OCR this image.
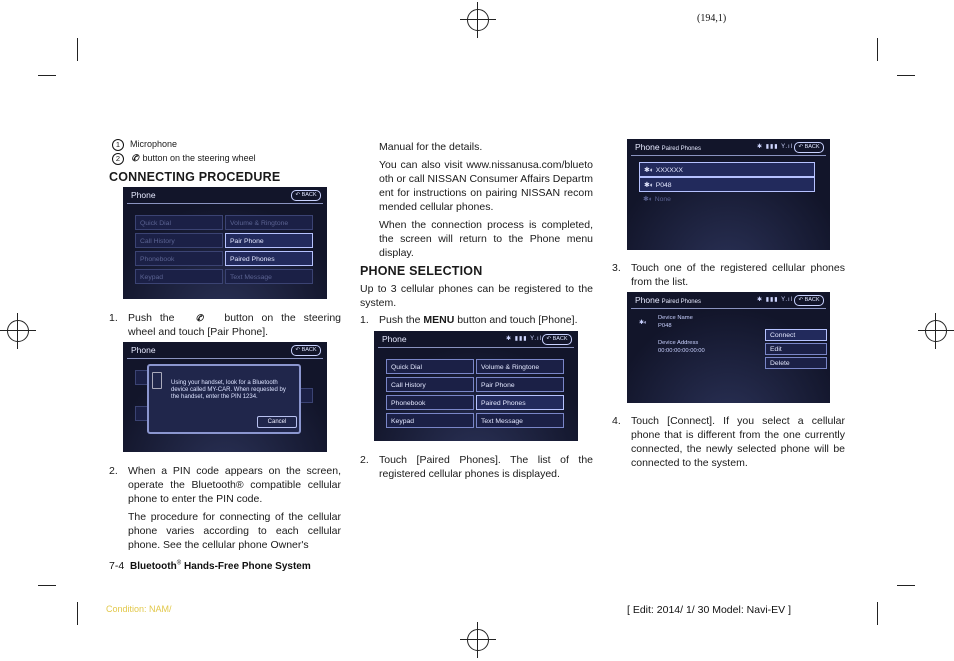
(194,1)
1 Microphone
2 ✆ button on the steering wheel
CONNECTING PROCEDURE
Phone	↶ BACK
Quick Dial	Volume & Ringtone
Call History	Pair Phone
Phonebook	Paired Phones
Keypad	Text Message
1. Push the ✆ button on the steering wheel and touch [Pair Phone].

Phone	↶ BACK
Using your handset, look for a Bluetooth device called MY-CAR. When requested by the handset, enter the PIN 1234.
Cancel
2. When a PIN code appears on the screen, operate the Bluetooth® compatible cellular phone to enter the PIN code.

The procedure for connecting of the cellular phone varies according to each cellular phone. See the cellular phone Owner's

Manual for the details.

You can also visit www.nissanusa.com/bluetooth or call NISSAN Consumer Affairs Department for instructions on pairing NISSAN recommended cellular phones.

When the connection process is completed, the screen will return to the Phone menu display.

PHONE SELECTION
Up to 3 cellular phones can be registered to the system.
1. Push the MENU button and touch [Phone].
Phone	✱ ▮▮▮ Y.ıl ↶ BACK
Quick Dial	Volume & Ringtone
Call History	Pair Phone
Phonebook	Paired Phones
Keypad	Text Message
2. Touch [Paired Phones]. The list of the registered cellular phones is displayed.
Phone Paired Phones	✱ ▮▮▮ Y.ıl ↶ BACK
✱◐ XXXXXX
✱◐ P048
✱◐ None
3. Touch one of the registered cellular phones from the list.
Phone Paired Phones	✱ ▮▮▮ Y.ıl ↶ BACK
✱◐
Device Name
P048
Device Address
00:00:00:00:00:00
Connect
Edit
Delete
4. Touch [Connect]. If you select a cellular phone that is different from the one currently connected, the newly selected phone will be connected to the system.
7-4 Bluetooth® Hands-Free Phone System
Condition: NAM/	[ Edit: 2014/ 1/ 30 Model: Navi-EV ]
